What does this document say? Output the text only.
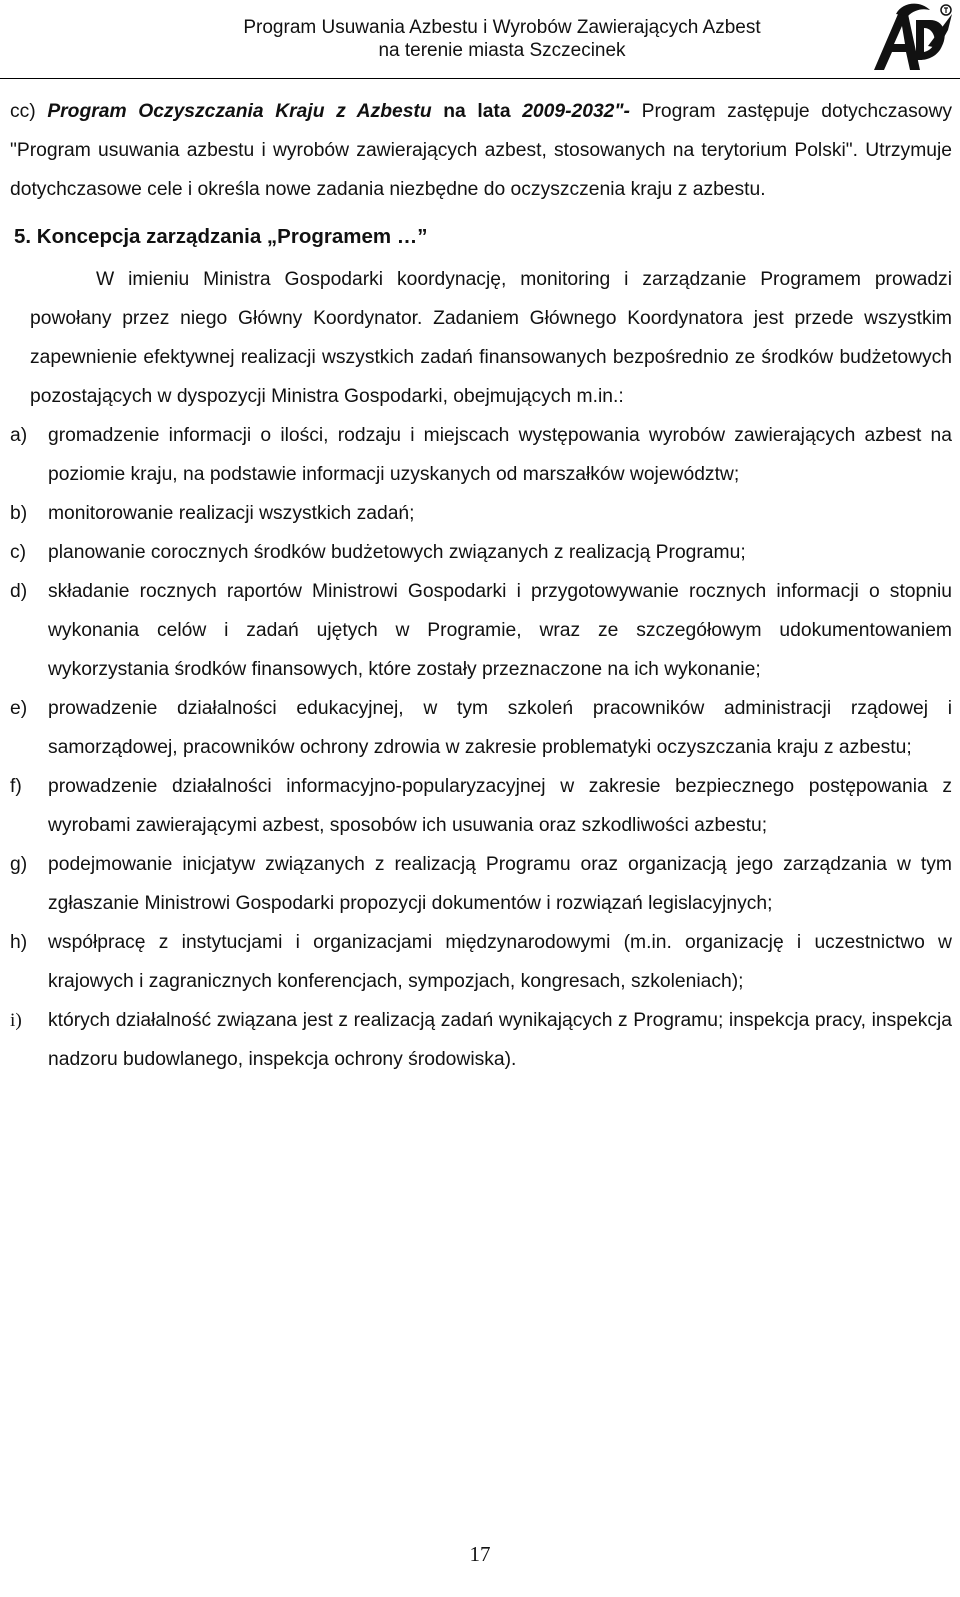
Program Usuwania Azbestu i Wyrobów Zawierających Azbest
na terenie miasta Szczecinek
cc) Program Oczyszczania Kraju z Azbestu na lata 2009-2032"- Program zastępuje dotychczasowy "Program usuwania azbestu i wyrobów zawierających azbest, stosowanych na terytorium Polski". Utrzymuje dotychczasowe cele i określa nowe zadania niezbędne do oczyszczenia kraju z azbestu.
5. Koncepcja zarządzania „Programem …”
W imieniu Ministra Gospodarki koordynację, monitoring i zarządzanie Programem prowadzi powołany przez niego Główny Koordynator. Zadaniem Głównego Koordynatora jest przede wszystkim zapewnienie efektywnej realizacji wszystkich zadań finansowanych bezpośrednio ze środków budżetowych pozostających w dyspozycji Ministra Gospodarki, obejmujących m.in.:
a)	gromadzenie informacji o ilości, rodzaju i miejscach występowania wyrobów zawierających azbest na poziomie kraju, na podstawie informacji uzyskanych od marszałków województw;
b)	monitorowanie realizacji wszystkich zadań;
c)	planowanie corocznych środków budżetowych związanych z realizacją Programu;
d)	składanie rocznych raportów Ministrowi Gospodarki i przygotowywanie rocznych informacji o stopniu wykonania celów i zadań ujętych w Programie, wraz ze szczegółowym udokumentowaniem wykorzystania środków finansowych, które zostały przeznaczone na ich wykonanie;
e)	prowadzenie działalności edukacyjnej, w tym szkoleń pracowników administracji rządowej i samorządowej, pracowników ochrony zdrowia w zakresie problematyki oczyszczania kraju z azbestu;
f)	prowadzenie działalności informacyjno-popularyzacyjnej w zakresie bezpiecznego postępowania z wyrobami zawierającymi azbest, sposobów ich usuwania oraz szkodliwości azbestu;
g)	podejmowanie inicjatyw związanych z realizacją Programu oraz organizacją jego zarządzania w tym zgłaszanie Ministrowi Gospodarki propozycji dokumentów i rozwiązań legislacyjnych;
h)	współpracę z instytucjami i organizacjami międzynarodowymi (m.in. organizację i uczestnictwo w krajowych i zagranicznych konferencjach, sympozjach, kongresach, szkoleniach);
i)	których działalność związana jest z realizacją zadań wynikających z Programu; inspekcja pracy, inspekcja nadzoru budowlanego, inspekcja ochrony środowiska).
17
